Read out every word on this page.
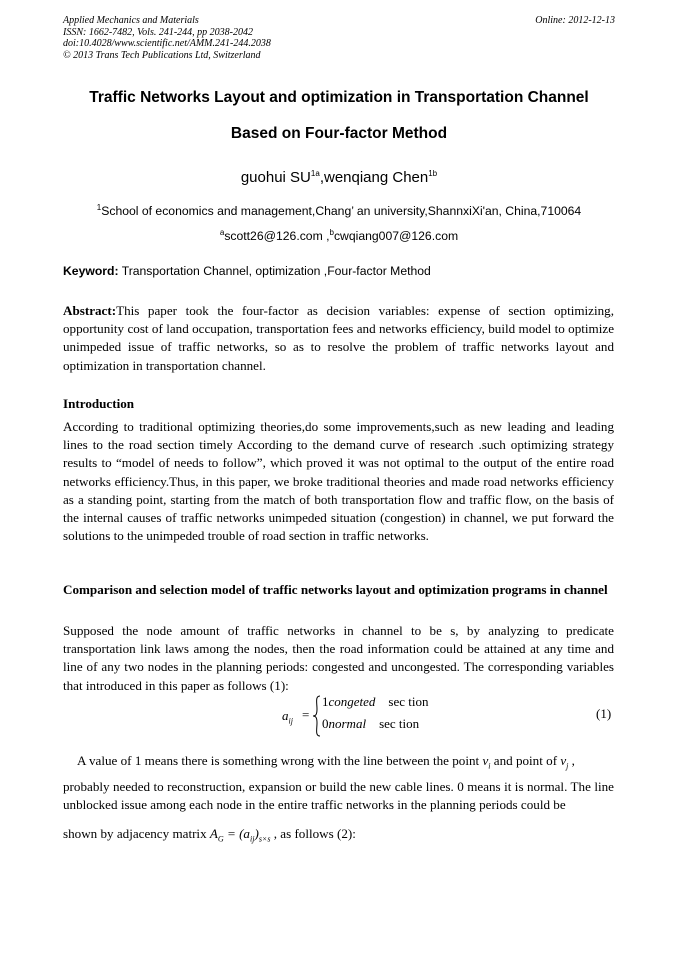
Applied Mechanics and Materials
ISSN: 1662-7482, Vols. 241-244, pp 2038-2042
doi:10.4028/www.scientific.net/AMM.241-244.2038
© 2013 Trans Tech Publications Ltd, Switzerland
Online: 2012-12-13
Traffic Networks Layout and optimization in Transportation Channel
Based on Four-factor Method
guohui $SU^{1a},wenqiang$ Chen$^{1b}$
$^1$School of economics and management,Chang’ an university,ShannxiXi'an, China,710064
$^a$scott26@126.com ,$^b$cwqiang007@126.com
Keyword: Transportation Channel, optimization ,Four-factor Method
Abstract:This paper took the four-factor as decision variables: expense of section optimizing, opportunity cost of land occupation, transportation fees and networks efficiency, build model to optimize unimpeded issue of traffic networks, so as to resolve the problem of traffic networks layout and optimization in transportation channel.
Introduction
According to traditional optimizing theories,do some improvements,such as new leading and leading lines to the road section timely According to the demand curve of research .such optimizing strategy results to “model of needs to follow”, which proved it was not optimal to the output of the entire road networks efficiency.Thus, in this paper, we broke traditional theories and made road networks efficiency as a standing point, starting from the match of both transportation flow and traffic flow, on the basis of the internal causes of traffic networks unimpeded situation (congestion) in channel, we put forward the solutions to the unimpeded trouble of road section in traffic networks.
Comparison and selection model of traffic networks layout and optimization programs in channel
Supposed the node amount of traffic networks in channel to be s, by analyzing to predicate transportation link laws among the nodes, then the road information could be attained at any time and line of any two nodes in the planning periods: congested and uncongested. The corresponding variables that introduced in this paper as follows (1):
$a_{ij}$ =
1congeted sec tion
0normal sec tion
(1)
A value of 1 means there is something wrong with the line between the point $v_i$ and point of $v_j$ ,
probably needed to reconstruction, expansion or build the new cable lines. 0 means it is normal. The line unblocked issue among each node in the entire traffic networks in the planning periods could be
shown by adjacency matrix $A_G = (a_{ij})_{s\times s}$ , as follows (2):
